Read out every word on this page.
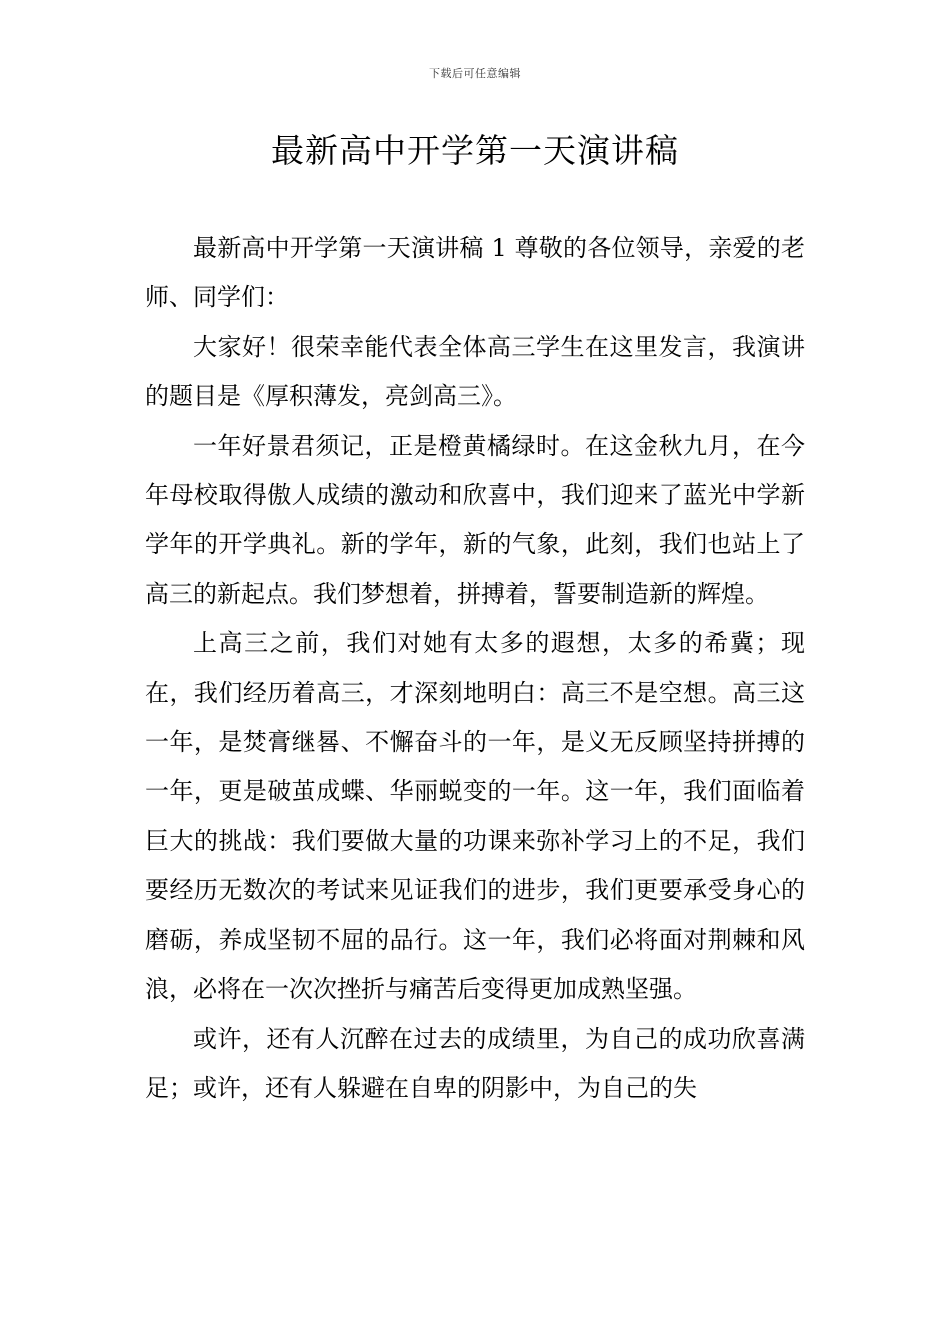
下载后可任意编辑
最新高中开学第一天演讲稿

最新高中开学第一天演讲稿 1 尊敬的各位领导，亲爱的老师、同学们：

大家好！很荣幸能代表全体高三学生在这里发言，我演讲的题目是《厚积薄发，亮剑高三》。

一年好景君须记，正是橙黄橘绿时。在这金秋九月，在今年母校取得傲人成绩的激动和欣喜中，我们迎来了蓝光中学新学年的开学典礼。新的学年，新的气象，此刻，我们也站上了高三的新起点。我们梦想着，拼搏着，誓要制造新的辉煌。

上高三之前，我们对她有太多的遐想，太多的希冀；现在，我们经历着高三，才深刻地明白：高三不是空想。高三这一年，是焚膏继晷、不懈奋斗的一年，是义无反顾坚持拼搏的一年，更是破茧成蝶、华丽蜕变的一年。这一年，我们面临着巨大的挑战：我们要做大量的功课来弥补学习上的不足，我们要经历无数次的考试来见证我们的进步，我们更要承受身心的磨砺，养成坚韧不屈的品行。这一年，我们必将面对荆棘和风浪，必将在一次次挫折与痛苦后变得更加成熟坚强。

或许，还有人沉醉在过去的成绩里，为自己的成功欣喜满足；或许，还有人躲避在自卑的阴影中，为自己的失
